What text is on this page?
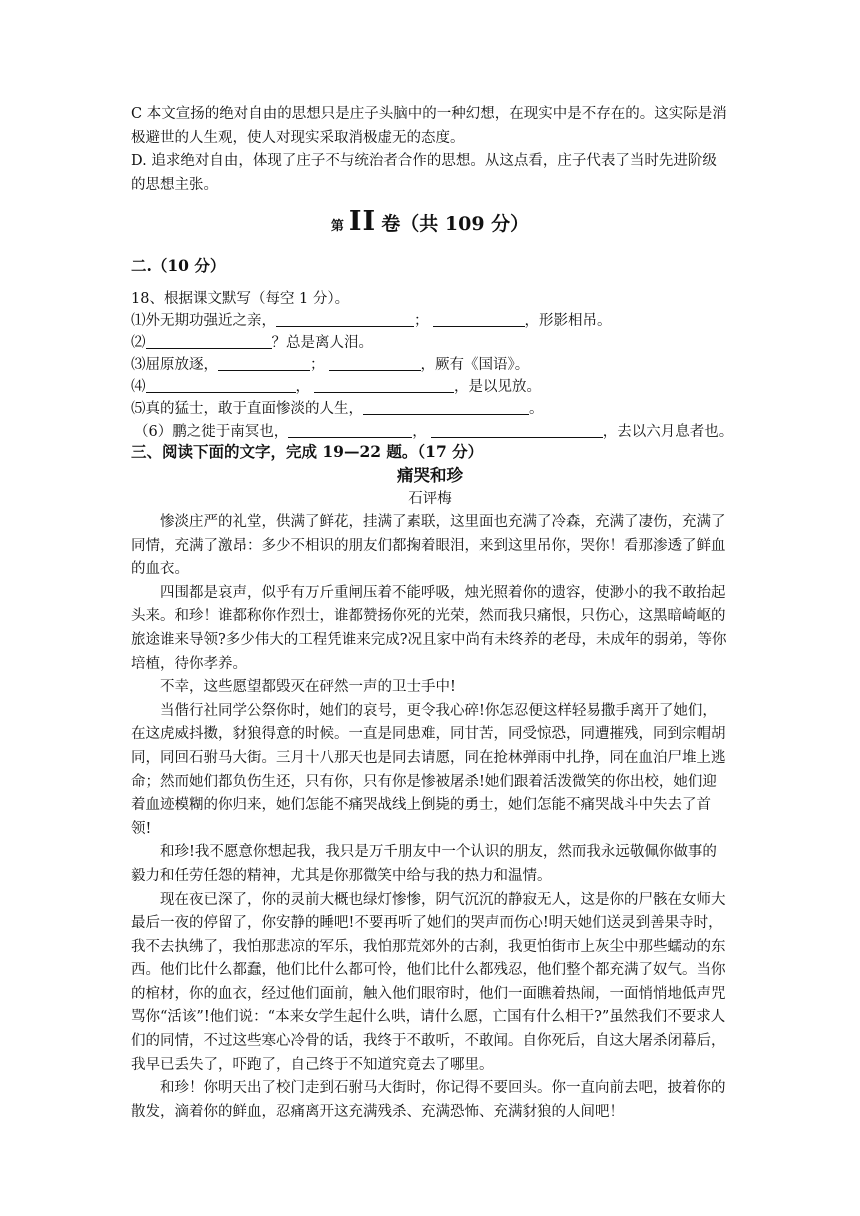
C 本文宣扬的绝对自由的思想只是庄子头脑中的一种幻想，在现实中是不存在的。这实际是消极避世的人生观，使人对现实采取消极虚无的态度。

D. 追求绝对自由，体现了庄子不与统治者合作的思想。从这点看，庄子代表了当时先进阶级的思想主张。

第 II 卷（共 109 分）
二.（10 分）
18、根据课文默写（每空 1 分）。
⑴外无期功强近之亲，	；	，形影相吊。
⑵	？总是离人泪。
⑶屈原放逐，	；	，厥有《国语》。
⑷	，	，是以见放。
⑸真的猛士，敢于直面惨淡的人生，	。
（6）鹏之徙于南冥也，	，	，去以六月息者也。
三、阅读下面的文字，完成 19—22 题。（17 分）
痛哭和珍
石评梅

惨淡庄严的礼堂，供满了鲜花，挂满了素联，这里面也充满了冷森，充满了凄伤，充满了同情，充满了激昂：多少不相识的朋友们都掬着眼泪，来到这里吊你，哭你！看那渗透了鲜血的血衣。

四围都是哀声，似乎有万斤重闸压着不能呼吸，烛光照着你的遗容，使渺小的我不敢抬起头来。和珍！谁都称你作烈士，谁都赞扬你死的光荣，然而我只痛恨，只伤心，这黑暗崎岖的旅途谁来导领?多少伟大的工程凭谁来完成?况且家中尚有未终养的老母，未成年的弱弟，等你培植，待你孝养。

不幸，这些愿望都毁灭在砰然一声的卫士手中!

当偕行社同学公祭你时，她们的哀号，更令我心碎!你怎忍便这样轻易撒手离开了她们，在这虎威抖擞，豺狼得意的时候。一直是同患难，同甘苦，同受惊恐，同遭摧残，同到宗帽胡同，同回石驸马大街。三月十八那天也是同去请愿，同在抢林弹雨中扎挣，同在血泊尸堆上逃命；然而她们都负伤生还，只有你，只有你是惨被屠杀!她们跟着活泼微笑的你出校，她们迎着血迹模糊的你归来，她们怎能不痛哭战线上倒毙的勇士，她们怎能不痛哭战斗中失去了首领!

和珍!我不愿意你想起我，我只是万千朋友中一个认识的朋友，然而我永远敬佩你做事的毅力和任劳任怨的精神，尤其是你那微笑中给与我的热力和温情。

现在夜已深了，你的灵前大概也绿灯惨惨，阴气沉沉的静寂无人，这是你的尸骸在女师大最后一夜的停留了，你安静的睡吧!不要再听了她们的哭声而伤心!明天她们送灵到善果寺时，我不去执绋了，我怕那悲凉的军乐，我怕那荒郊外的古刹，我更怕街市上灰尘中那些蠕动的东西。他们比什么都蠢，他们比什么都可怜，他们比什么都残忍，他们整个都充满了奴气。当你的棺材，你的血衣，经过他们面前，触入他们眼帘时，他们一面瞧着热闹，一面悄悄地低声咒骂你“活该”!他们说：“本来女学生起什么哄，请什么愿，亡国有什么相干?”虽然我们不要求人们的同情，不过这些寒心冷骨的话，我终于不敢听，不敢闻。自你死后，自这大屠杀闭幕后，我早已丢失了，吓跑了，自己终于不知道究竟去了哪里。

和珍！你明天出了校门走到石驸马大街时，你记得不要回头。你一直向前去吧，披着你的散发，滴着你的鲜血，忍痛离开这充满残杀、充满恐怖、充满豺狼的人间吧！
